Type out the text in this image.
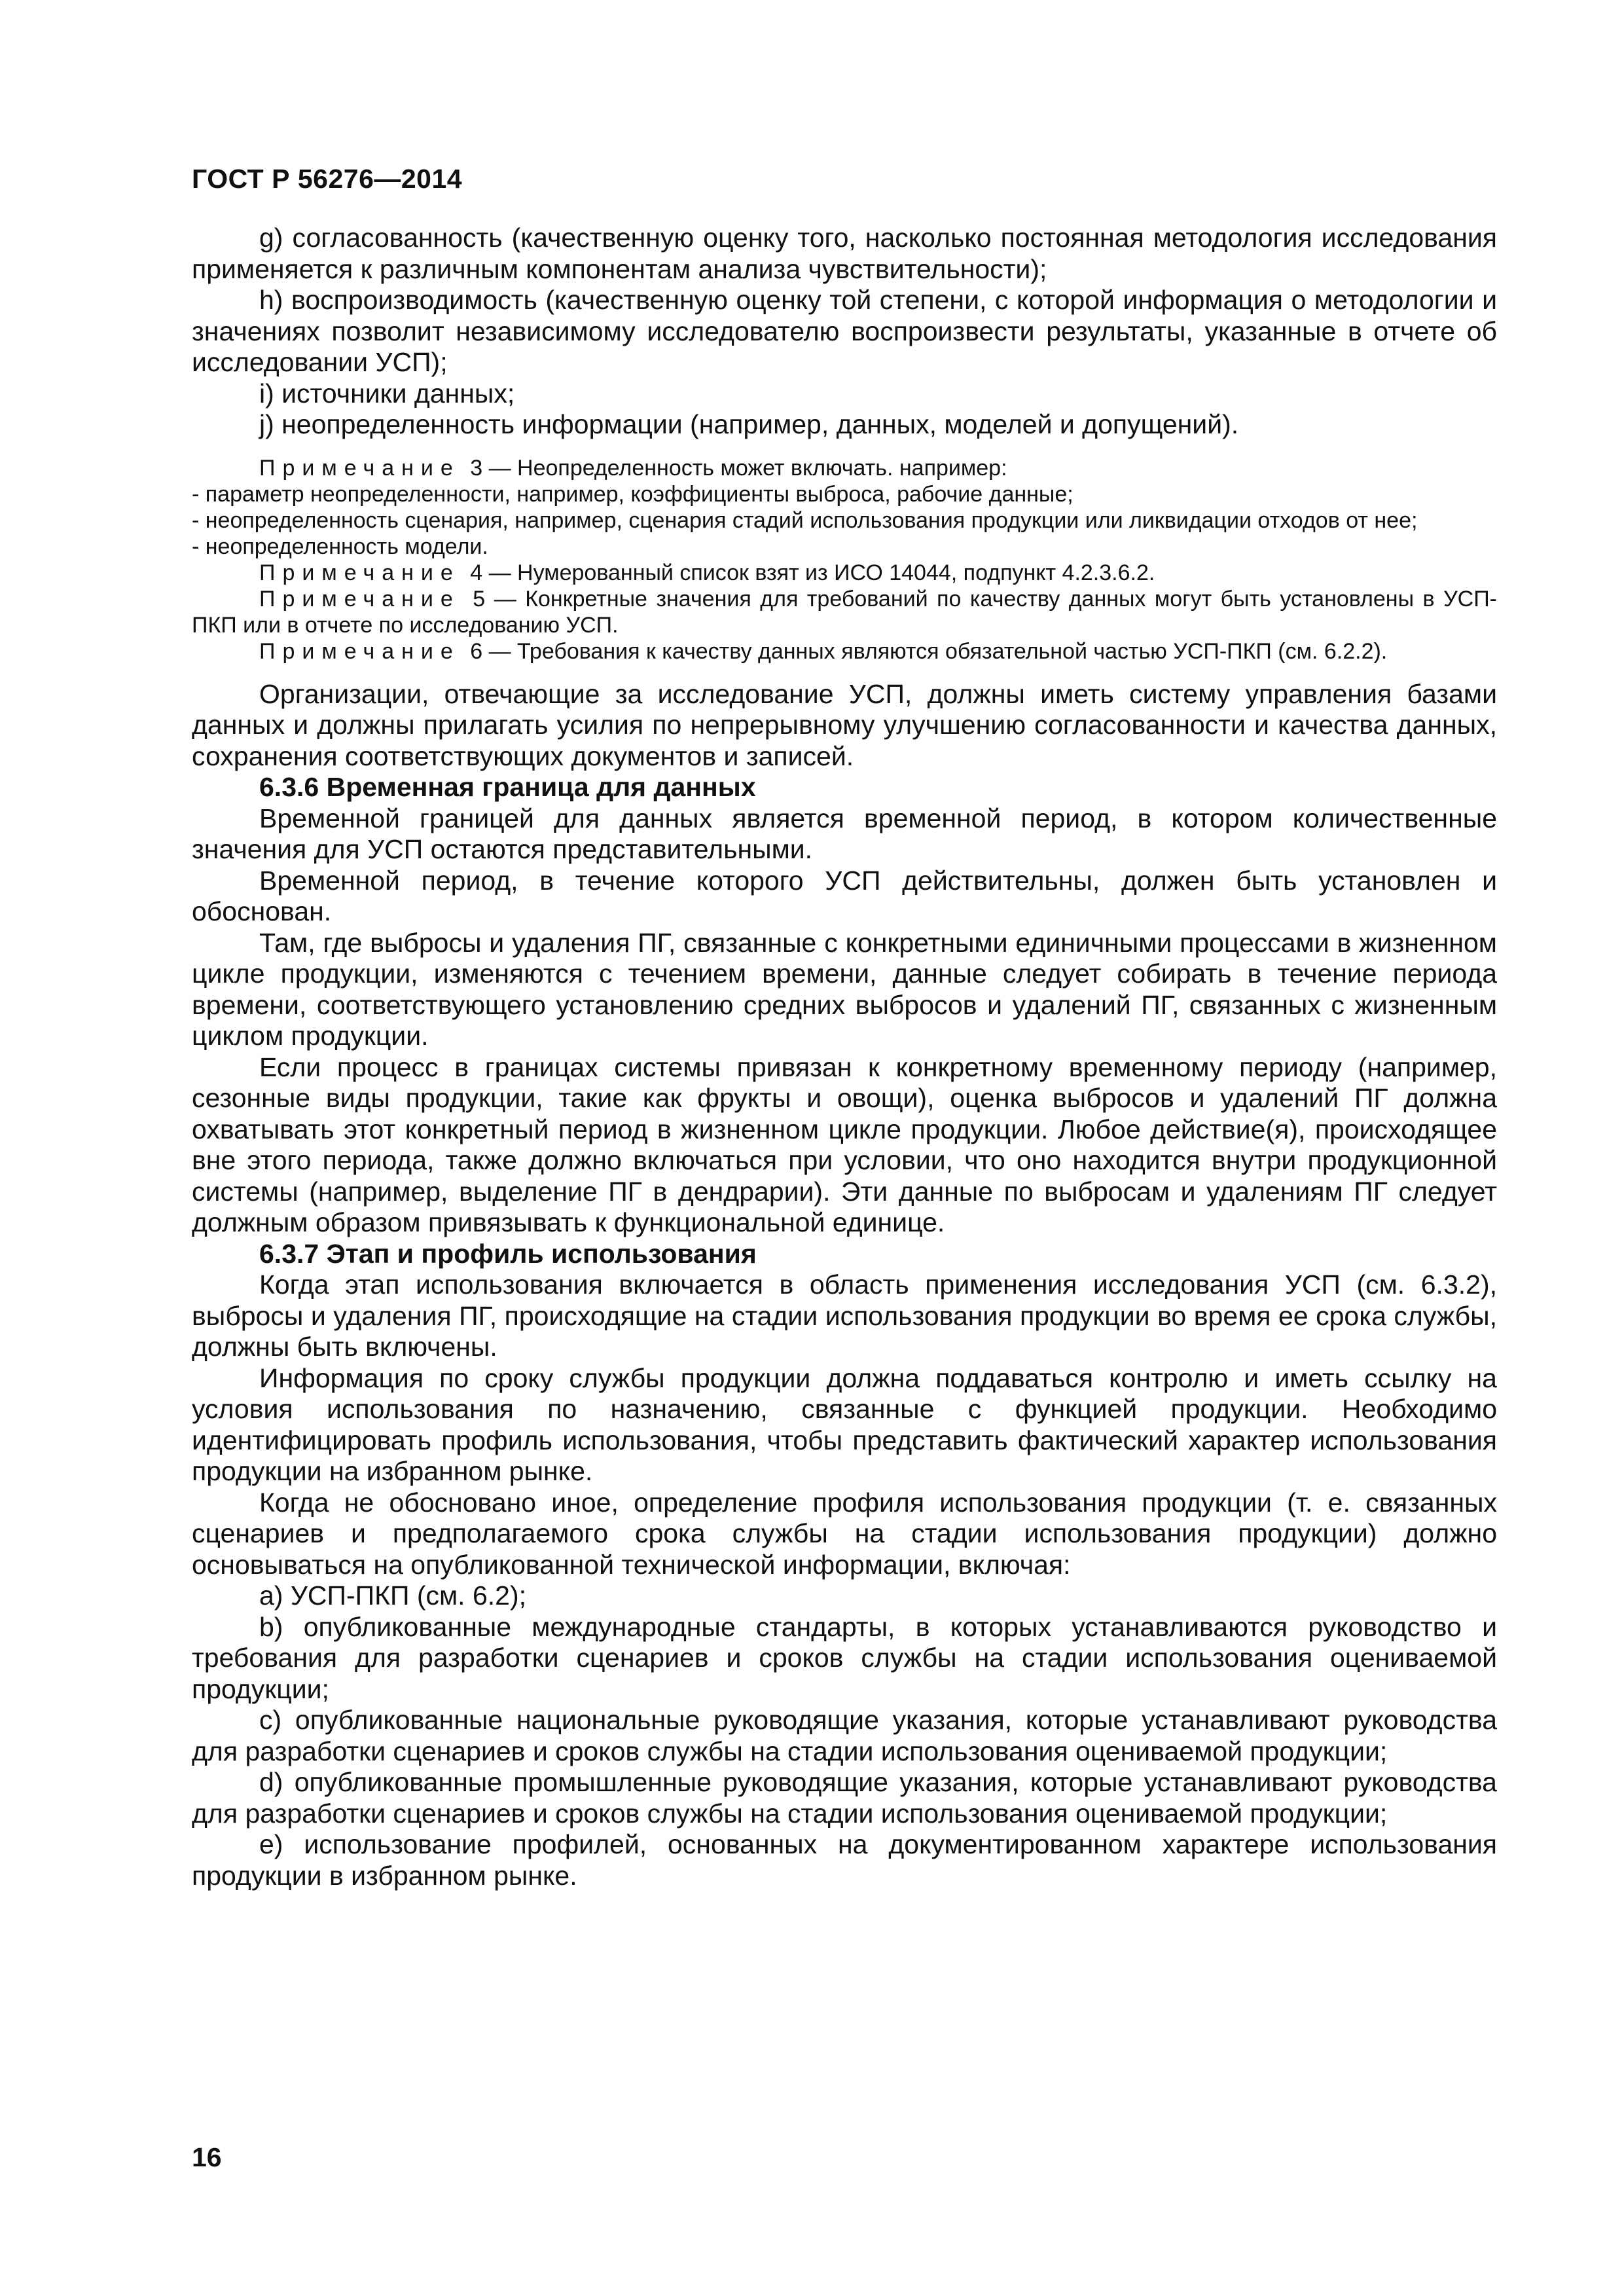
ГОСТ Р 56276—2014

g) согласованность (качественную оценку того, насколько постоянная методология исследования применяется к различным компонентам анализа чувствительности);

h) воспроизводимость (качественную оценку той степени, с которой информация о методологии и значениях позволит независимому исследователю воспроизвести результаты, указанные в отчете об исследовании УСП);

i) источники данных;

j) неопределенность информации (например, данных, моделей и допущений).

Примечание 3 — Неопределенность может включать. например:

- параметр неопределенности, например, коэффициенты выброса, рабочие данные;

- неопределенность сценария, например, сценария стадий использования продукции или ликвидации отходов от нее;

- неопределенность модели.

Примечание 4 — Нумерованный список взят из ИСО 14044, подпункт 4.2.3.6.2.

Примечание 5 — Конкретные значения для требований по качеству данных могут быть установлены в УСП-ПКП или в отчете по исследованию УСП.

Примечание 6 — Требования к качеству данных являются обязательной частью УСП-ПКП (см. 6.2.2).

Организации, отвечающие за исследование УСП, должны иметь систему управления базами данных и должны прилагать усилия по непрерывному улучшению согласованности и качества данных, сохранения соответствующих документов и записей.

6.3.6 Временная граница для данных

Временной границей для данных является временной период, в котором количественные значения для УСП остаются представительными.

Временной период, в течение которого УСП действительны, должен быть установлен и обоснован.

Там, где выбросы и удаления ПГ, связанные с конкретными единичными процессами в жизненном цикле продукции, изменяются с течением времени, данные следует собирать в течение периода времени, соответствующего установлению средних выбросов и удалений ПГ, связанных с жизненным циклом продукции.

Если процесс в границах системы привязан к конкретному временному периоду (например, сезонные виды продукции, такие как фрукты и овощи), оценка выбросов и удалений ПГ должна охватывать этот конкретный период в жизненном цикле продукции. Любое действие(я), происходящее вне этого периода, также должно включаться при условии, что оно находится внутри продукционной системы (например, выделение ПГ в дендрарии). Эти данные по выбросам и удалениям ПГ следует должным образом привязывать к функциональной единице.

6.3.7 Этап и профиль использования

Когда этап использования включается в область применения исследования УСП (см. 6.3.2), выбросы и удаления ПГ, происходящие на стадии использования продукции во время ее срока службы, должны быть включены.

Информация по сроку службы продукции должна поддаваться контролю и иметь ссылку на условия использования по назначению, связанные с функцией продукции. Необходимо идентифицировать профиль использования, чтобы представить фактический характер использования продукции на избранном рынке.

Когда не обосновано иное, определение профиля использования продукции (т. е. связанных сценариев и предполагаемого срока службы на стадии использования продукции) должно основываться на опубликованной технической информации, включая:

a) УСП-ПКП (см. 6.2);

b) опубликованные международные стандарты, в которых устанавливаются руководство и требования для разработки сценариев и сроков службы на стадии использования оцениваемой продукции;

c) опубликованные национальные руководящие указания, которые устанавливают руководства для разработки сценариев и сроков службы на стадии использования оцениваемой продукции;

d) опубликованные промышленные руководящие указания, которые устанавливают руководства для разработки сценариев и сроков службы на стадии использования оцениваемой продукции;

e) использование профилей, основанных на документированном характере использования продукции в избранном рынке.

16
